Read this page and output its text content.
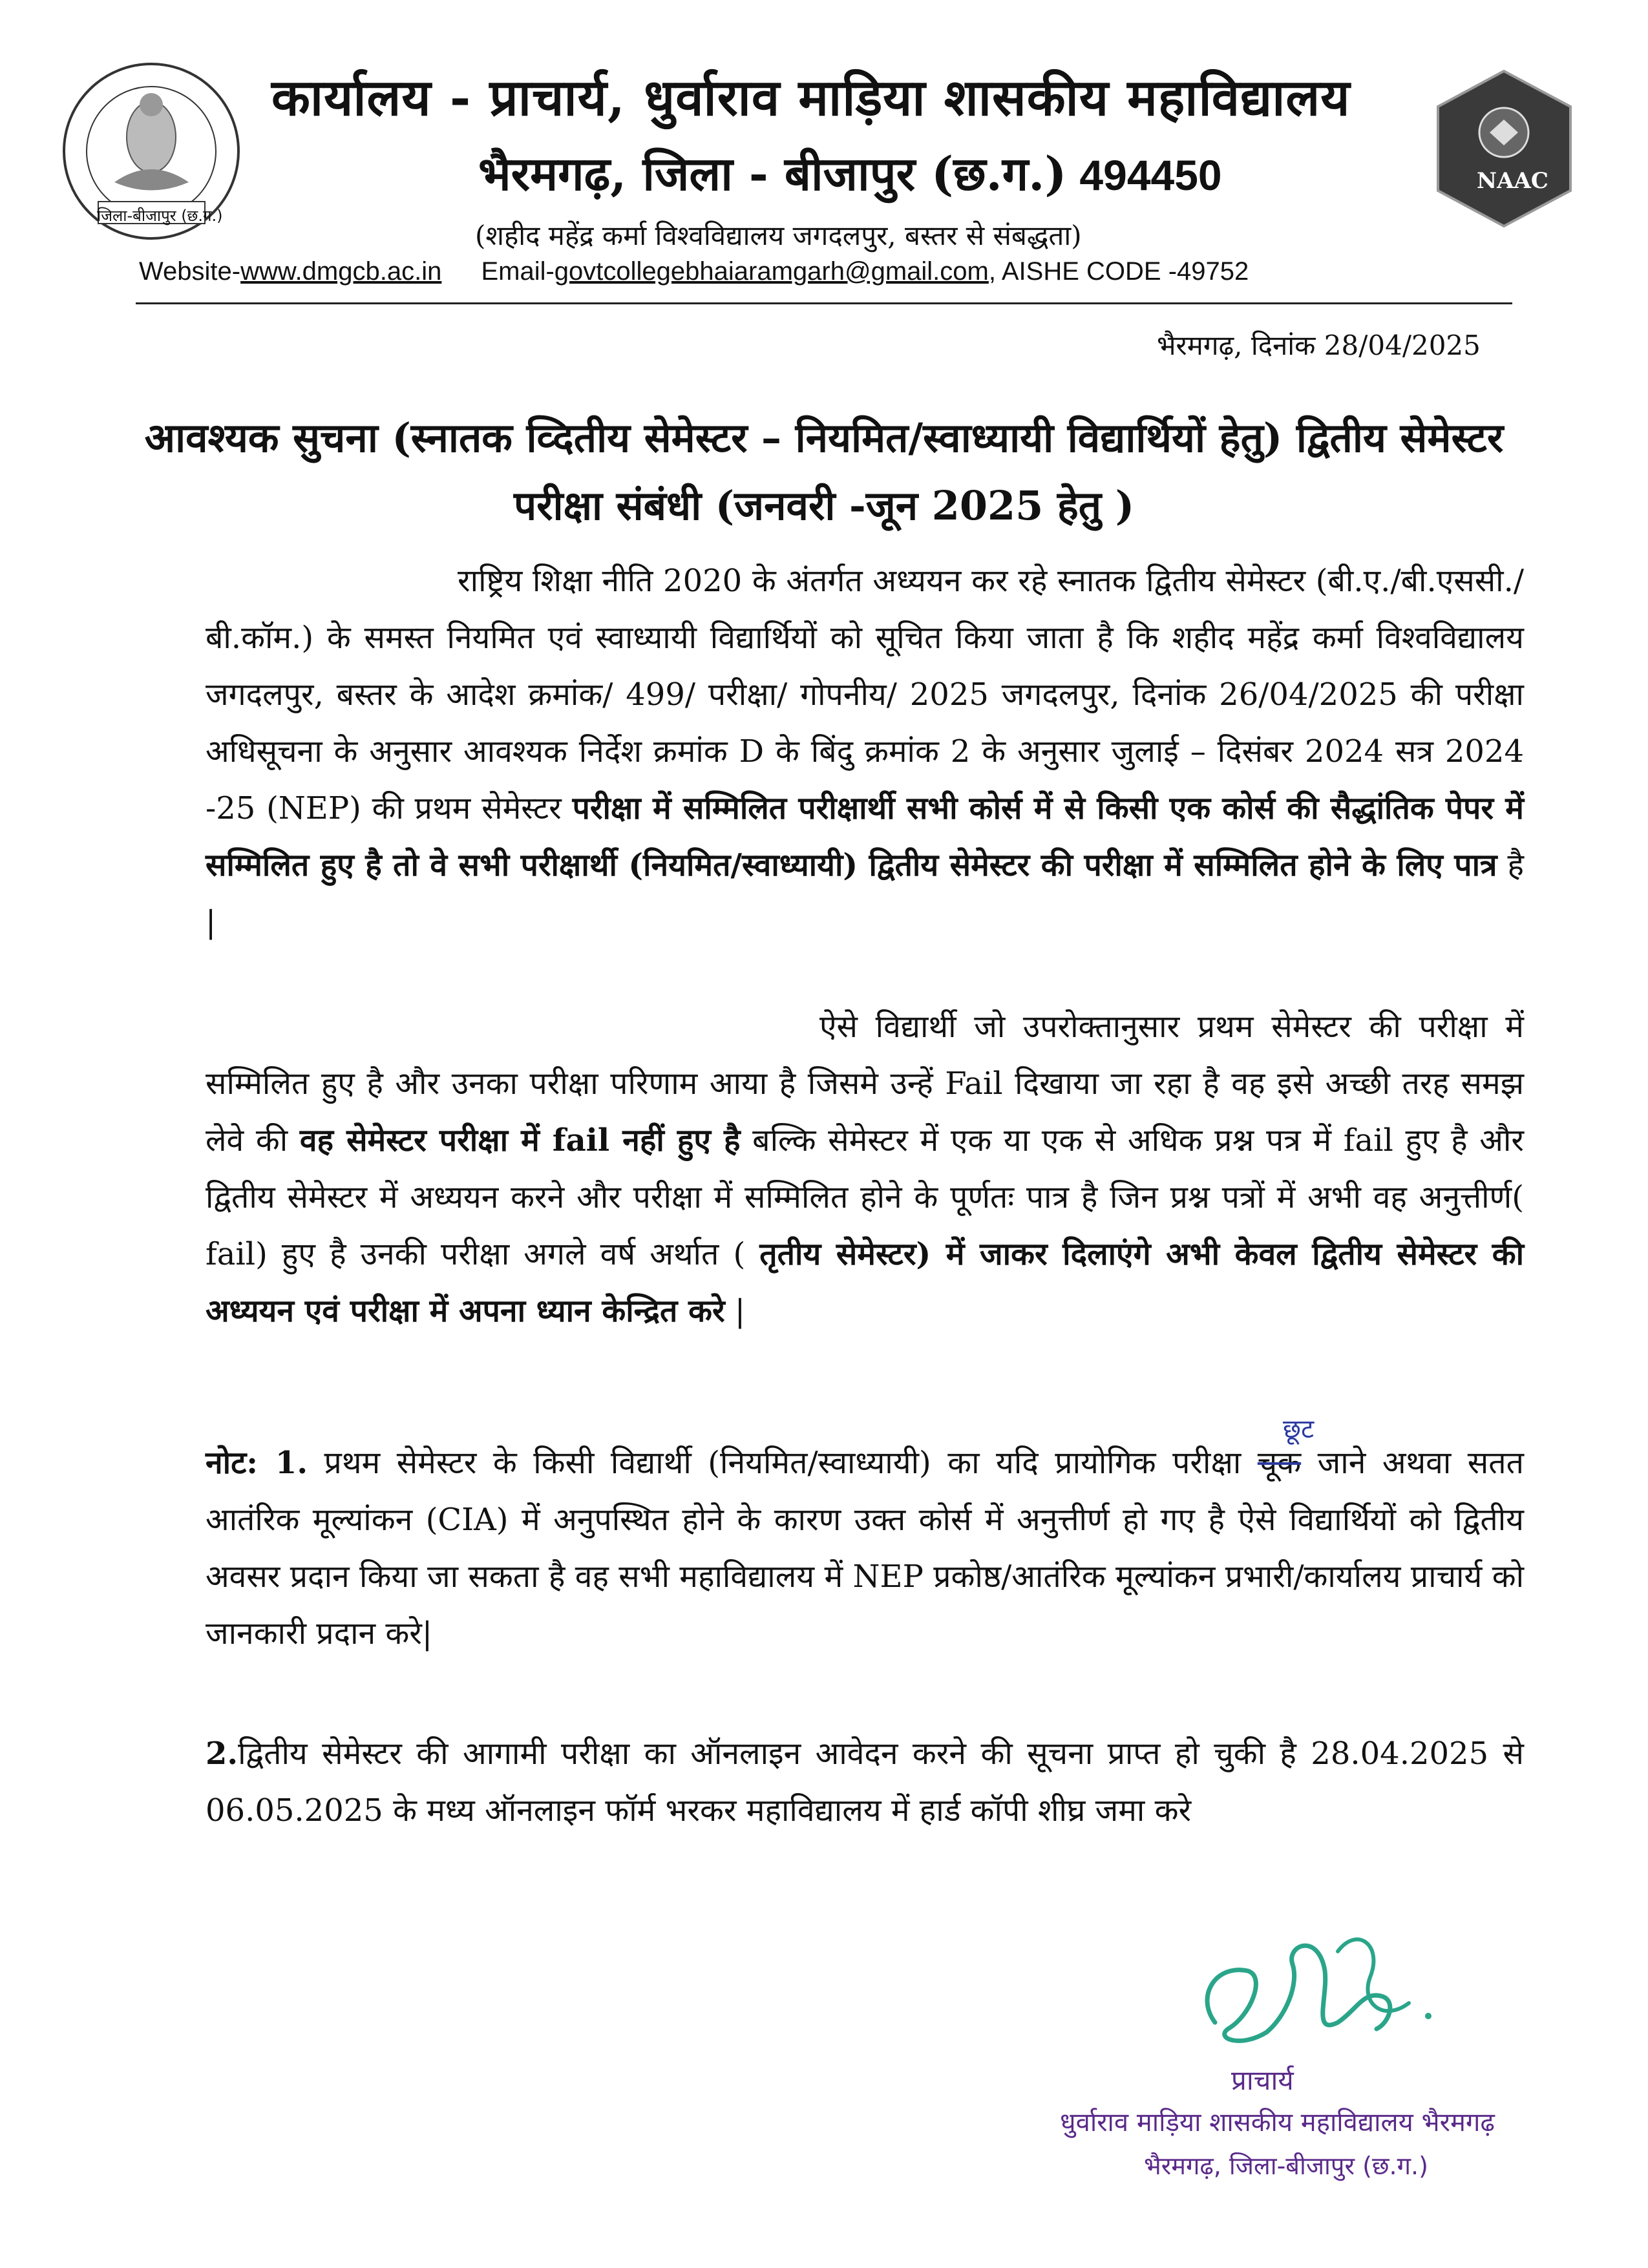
जिला-बीजापुर (छ.ग.)
NAAC
कार्यालय - प्राचार्य, धुर्वाराव माड़िया शासकीय महाविद्यालय
भैरमगढ़, जिला - बीजापुर (छ.ग.) 494450
(शहीद महेंद्र कर्मा विश्वविद्यालय जगदलपुर, बस्तर से संबद्धता)
Website-www.dmgcb.ac.in Email-govtcollegebhaiaramgarh@gmail.com, AISHE CODE -49752
भैरमगढ़, दिनांक 28/04/2025
आवश्यक सुचना (स्नातक व्दितीय सेमेस्टर – नियमित/स्वाध्यायी विद्यार्थियों हेतु) द्वितीय सेमेस्टर परीक्षा संबंधी (जनवरी -जून 2025 हेतु )

राष्ट्रिय शिक्षा नीति 2020 के अंतर्गत अध्ययन कर रहे स्नातक द्वितीय सेमेस्टर (बी.ए./बी.एससी./बी.कॉम.) के समस्त नियमित एवं स्वाध्यायी विद्यार्थियों को सूचित किया जाता है कि शहीद महेंद्र कर्मा विश्वविद्यालय जगदलपुर, बस्तर के आदेश क्रमांक/ 499/ परीक्षा/ गोपनीय/ 2025 जगदलपुर, दिनांक 26/04/2025 की परीक्षा अधिसूचना के अनुसार आवश्यक निर्देश क्रमांक D के बिंदु क्रमांक 2 के अनुसार जुलाई – दिसंबर 2024 सत्र 2024 -25 (NEP) की प्रथम सेमेस्टर परीक्षा में सम्मिलित परीक्षार्थी सभी कोर्स में से किसी एक कोर्स की सैद्धांतिक पेपर में सम्मिलित हुए है तो वे सभी परीक्षार्थी (नियमित/स्वाध्यायी) द्वितीय सेमेस्टर की परीक्षा में सम्मिलित होने के लिए पात्र है |

ऐसे विद्यार्थी जो उपरोक्तानुसार प्रथम सेमेस्टर की परीक्षा में सम्मिलित हुए है और उनका परीक्षा परिणाम आया है जिसमे उन्हें Fail दिखाया जा रहा है वह इसे अच्छी तरह समझ लेवे की वह सेमेस्टर परीक्षा में fail नहीं हुए है बल्कि सेमेस्टर में एक या एक से अधिक प्रश्न पत्र में fail हुए है और द्वितीय सेमेस्टर में अध्ययन करने और परीक्षा में सम्मिलित होने के पूर्णतः पात्र है जिन प्रश्न पत्रों में अभी वह अनुत्तीर्ण( fail) हुए है उनकी परीक्षा अगले वर्ष अर्थात ( तृतीय सेमेस्टर) में जाकर दिलाएंगे अभी केवल द्वितीय सेमेस्टर की अध्ययन एवं परीक्षा में अपना ध्यान केन्द्रित करे |

छूट

नोट: 1. प्रथम सेमेस्टर के किसी विद्यार्थी (नियमित/स्वाध्यायी) का यदि प्रायोगिक परीक्षा चूक जाने अथवा सतत आतंरिक मूल्यांकन (CIA) में अनुपस्थित होने के कारण उक्त कोर्स में अनुत्तीर्ण हो गए है ऐसे विद्यार्थियों को द्वितीय अवसर प्रदान किया जा सकता है वह सभी महाविद्यालय में NEP प्रकोष्ठ/आतंरिक मूल्यांकन प्रभारी/कार्यालय प्राचार्य को जानकारी प्रदान करे|

2.द्वितीय सेमेस्टर की आगामी परीक्षा का ऑनलाइन आवेदन करने की सूचना प्राप्त हो चुकी है 28.04.2025 से 06.05.2025 के मध्य ऑनलाइन फॉर्म भरकर महाविद्यालय में हार्ड कॉपी शीघ्र जमा करे

प्राचार्य
धुर्वाराव माड़िया शासकीय महाविद्यालय भैरमगढ़
भैरमगढ़, जिला-बीजापुर (छ.ग.)
